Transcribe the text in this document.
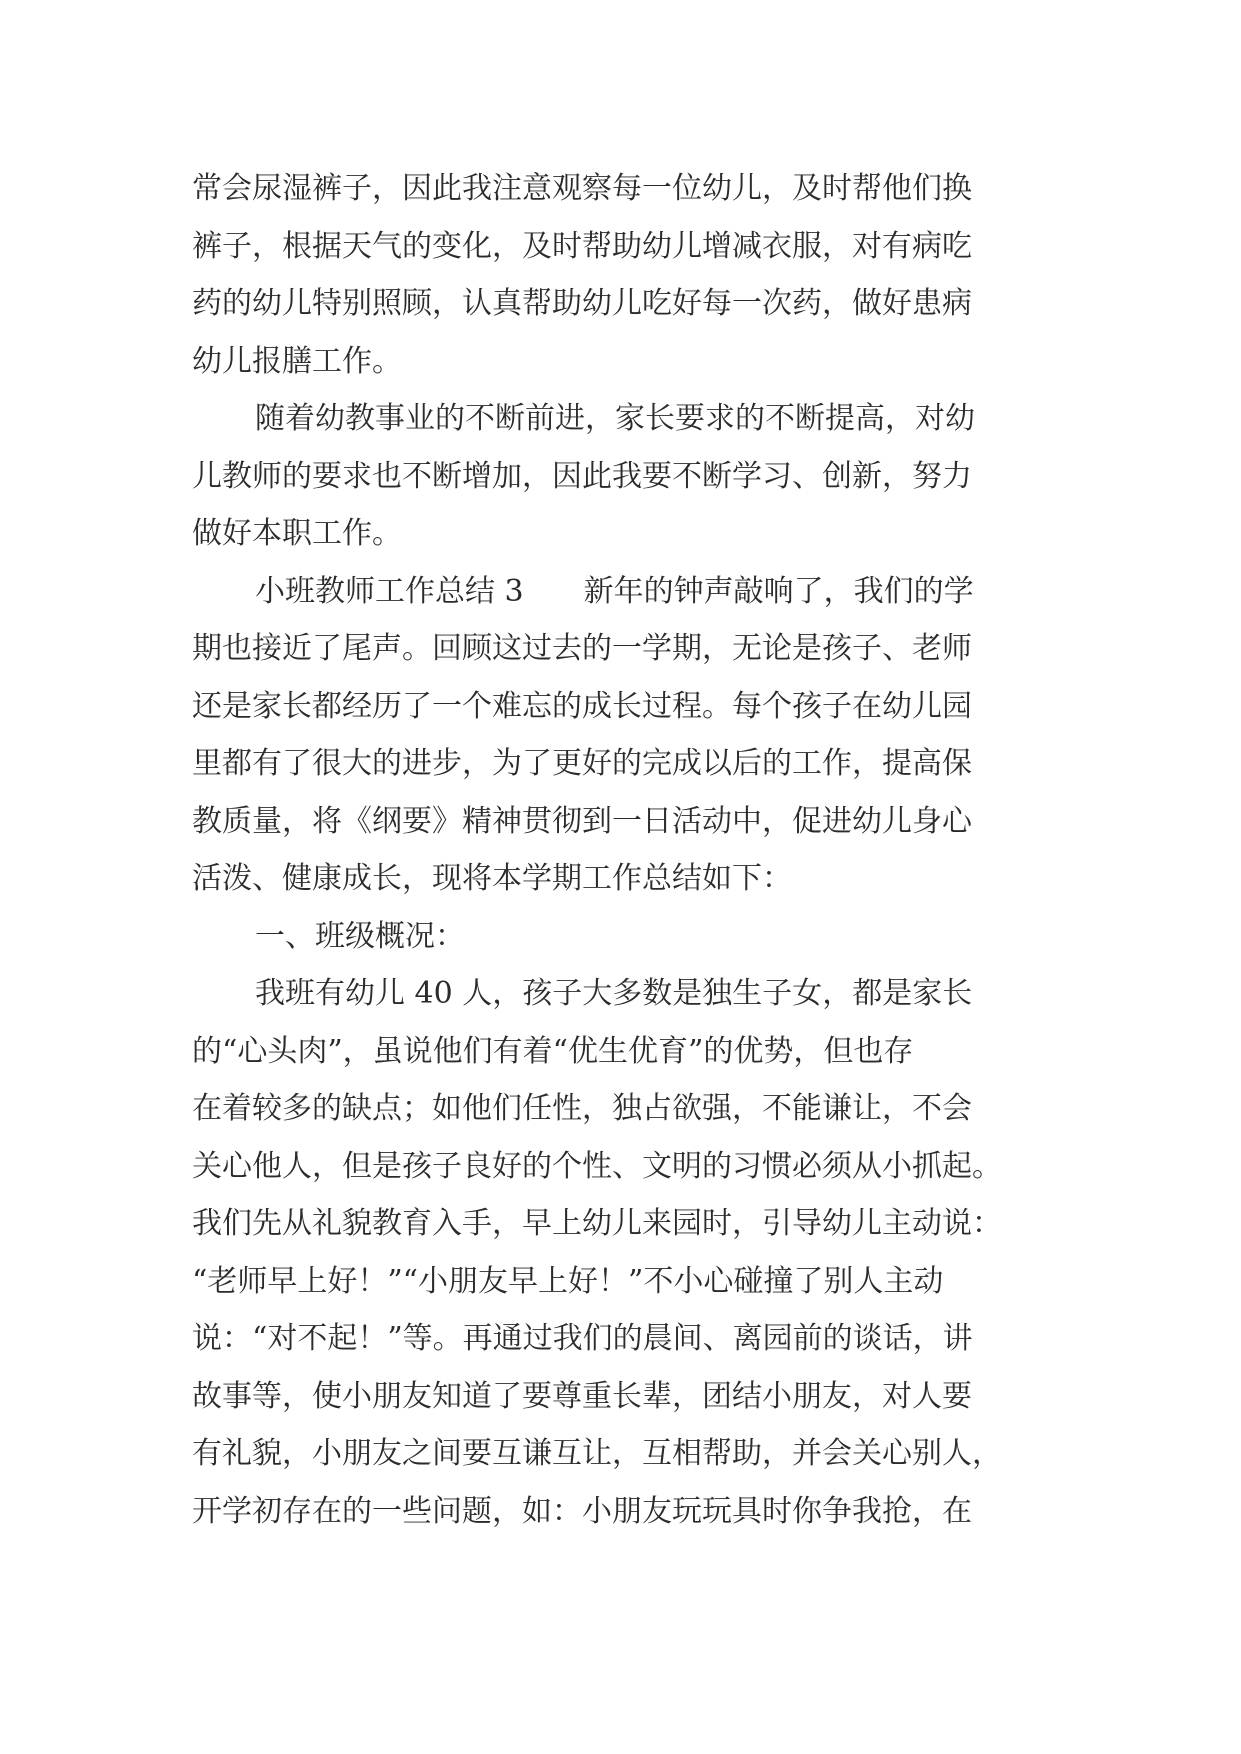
常会尿湿裤子，因此我注意观察每一位幼儿，及时帮他们换
裤子，根据天气的变化，及时帮助幼儿增减衣服，对有病吃
药的幼儿特别照顾，认真帮助幼儿吃好每一次药，做好患病
幼儿报膳工作。
随着幼教事业的不断前进，家长要求的不断提高，对幼
儿教师的要求也不断增加，因此我要不断学习、创新，努力
做好本职工作。
小班教师工作总结 3　　新年的钟声敲响了，我们的学
期也接近了尾声。回顾这过去的一学期，无论是孩子、老师
还是家长都经历了一个难忘的成长过程。每个孩子在幼儿园
里都有了很大的进步，为了更好的完成以后的工作，提高保
教质量，将《纲要》精神贯彻到一日活动中，促进幼儿身心
活泼、健康成长，现将本学期工作总结如下：
一、班级概况：
我班有幼儿 40 人，孩子大多数是独生子女，都是家长
的“心头肉”，虽说他们有着“优生优育”的优势，但也存
在着较多的缺点；如他们任性，独占欲强，不能谦让，不会
关心他人，但是孩子良好的个性、文明的习惯必须从小抓起。
我们先从礼貌教育入手，早上幼儿来园时，引导幼儿主动说：
“老师早上好！”“小朋友早上好！”不小心碰撞了别人主动
说：“对不起！”等。再通过我们的晨间、离园前的谈话，讲
故事等，使小朋友知道了要尊重长辈，团结小朋友，对人要
有礼貌，小朋友之间要互谦互让，互相帮助，并会关心别人，
开学初存在的一些问题，如：小朋友玩玩具时你争我抢，在
